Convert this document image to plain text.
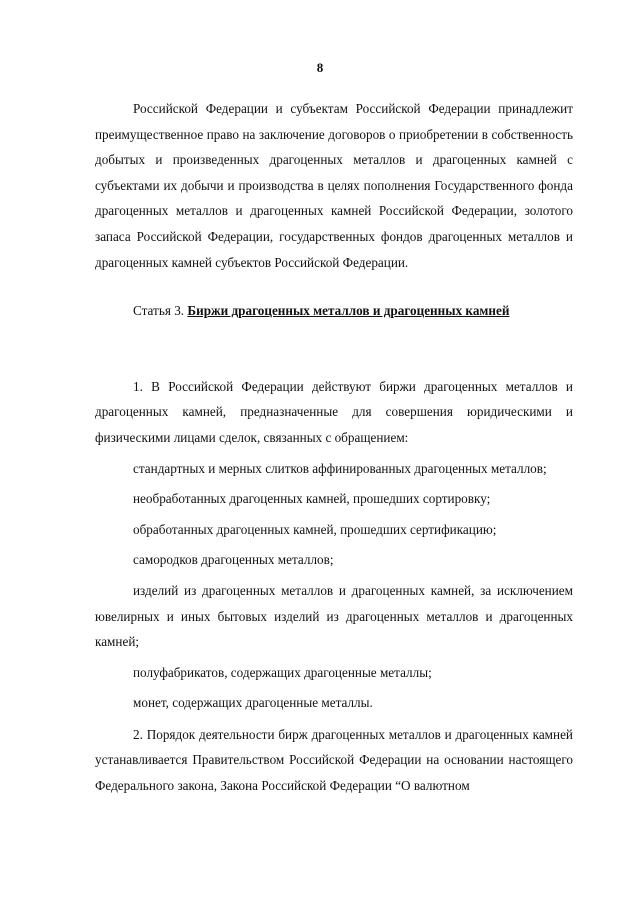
8

Российской Федерации и субъектам Российской Федерации принадлежит преимущественное право на заключение договоров о приобретении в собственность добытых и произведенных драгоценных металлов и драгоценных камней с субъектами их добычи и производства в целях пополнения Государственного фонда драгоценных металлов и драгоценных камней Российской Федерации, золотого запаса Российской Федерации, государственных фондов драгоценных металлов и драгоценных камней субъектов Российской Федерации.

Статья 3. Биржи драгоценных металлов и драгоценных камней

1. В Российской Федерации действуют биржи драгоценных металлов и драгоценных камней, предназначенные для совершения юридическими и физическими лицами сделок, связанных с обращением:

стандартных и мерных слитков аффинированных драгоценных металлов;

необработанных драгоценных камней, прошедших сортировку;

обработанных драгоценных камней, прошедших сертификацию;

самородков драгоценных металлов;

изделий из драгоценных металлов и драгоценных камней, за исключением ювелирных и иных бытовых изделий из драгоценных металлов и драгоценных камней;

полуфабрикатов, содержащих драгоценные металлы;

монет, содержащих драгоценные металлы.

2. Порядок деятельности бирж драгоценных металлов и драгоценных камней устанавливается Правительством Российской Федерации на основании настоящего Федерального закона, Закона Российской Федерации “О валютном
